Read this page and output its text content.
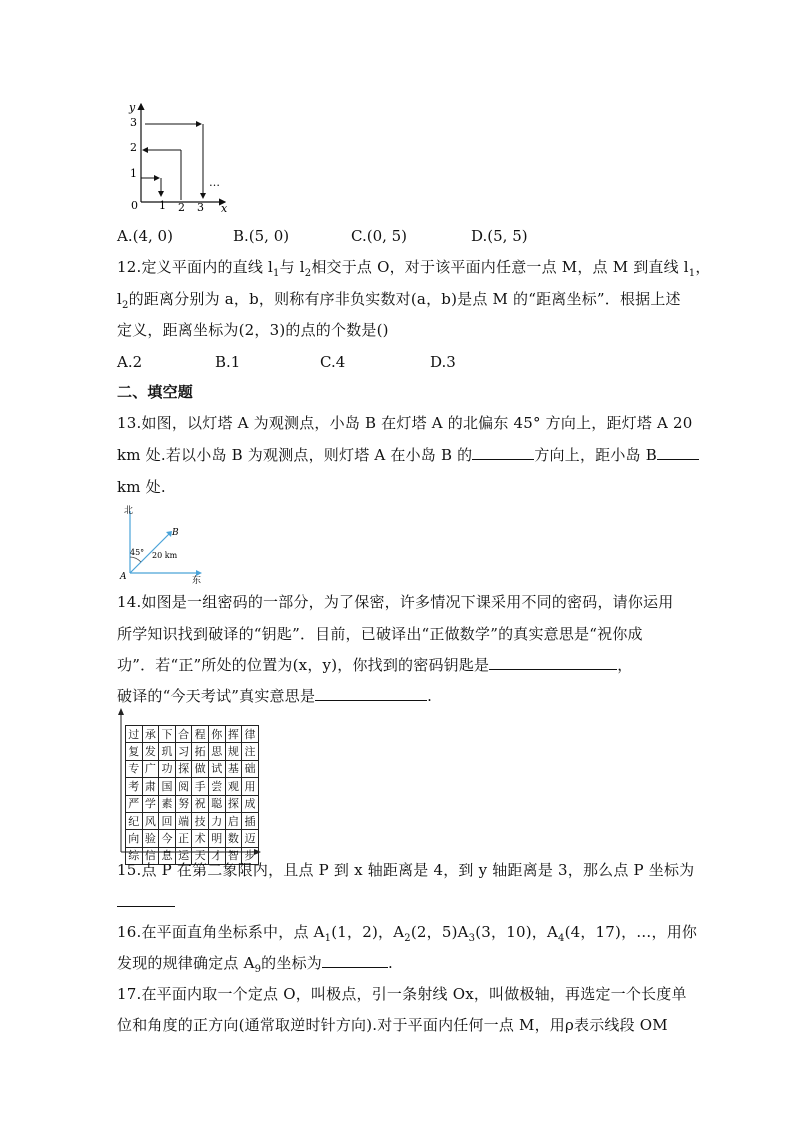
y
x
0 1 2 3
1
2
3
…
A.(4, 0)	B.(5, 0)	C.(0, 5)	D.(5, 5)
12.定义平面内的直线 $l_1$与 $l_2$相交于点 O，对于该平面内任意一点 M，点 M 到直线 $l_1$，
$l_2$的距离分别为 a，b，则称有序非负实数对(a，b)是点 M 的“距离坐标”．根据上述
定义，距离坐标为(2，3)的点的个数是()
A.2	B.1	C.4	D.3
二、填空题
13.如图，以灯塔 A 为观测点，小岛 B 在灯塔 A 的北偏东 45° 方向上，距灯塔 A 20
km 处.若以小岛 B 为观测点，则灯塔 A 在小岛 B 的	方向上，距小岛 B
km 处.
北
东
A
B
45° 20 km
14.如图是一组密码的一部分，为了保密，许多情况下课采用不同的密码，请你运用
所学知识找到破译的“钥匙”．目前，已破译出“正做数学”的真实意思是“祝你成
功”．若“正”所处的位置为(x，y)，你找到的密码钥匙是	，
破译的“今天考试”真实意思是	.
过	承	下	合	程	你	挥	律
复	发	玑	习	拓	思	规	注
专	广	功	探	做	试	基	础
考	肃	国	阅	手	尝	观	用
严	学	素	努	祝	聪	探	成
纪	风	回	端	技	力	启	插
向	验	今	正	术	明	数	迈
综	信	息	运	天	才	智	步
15.点 P 在第二象限内，且点 P 到 x 轴距离是 4，到 y 轴距离是 3，那么点 P 坐标为
16.在平面直角坐标系中，点 $A_1(1$，2)，$A_2(2$，$5)A_3(3$，10)，$A_4(4$，17)，…，用你
发现的规律确定点 $A_9$的坐标为	.
17.在平面内取一个定点 O，叫极点，引一条射线 Ox，叫做极轴，再选定一个长度单
位和角度的正方向(通常取逆时针方向).对于平面内任何一点 M，用ρ表示线段 OM
